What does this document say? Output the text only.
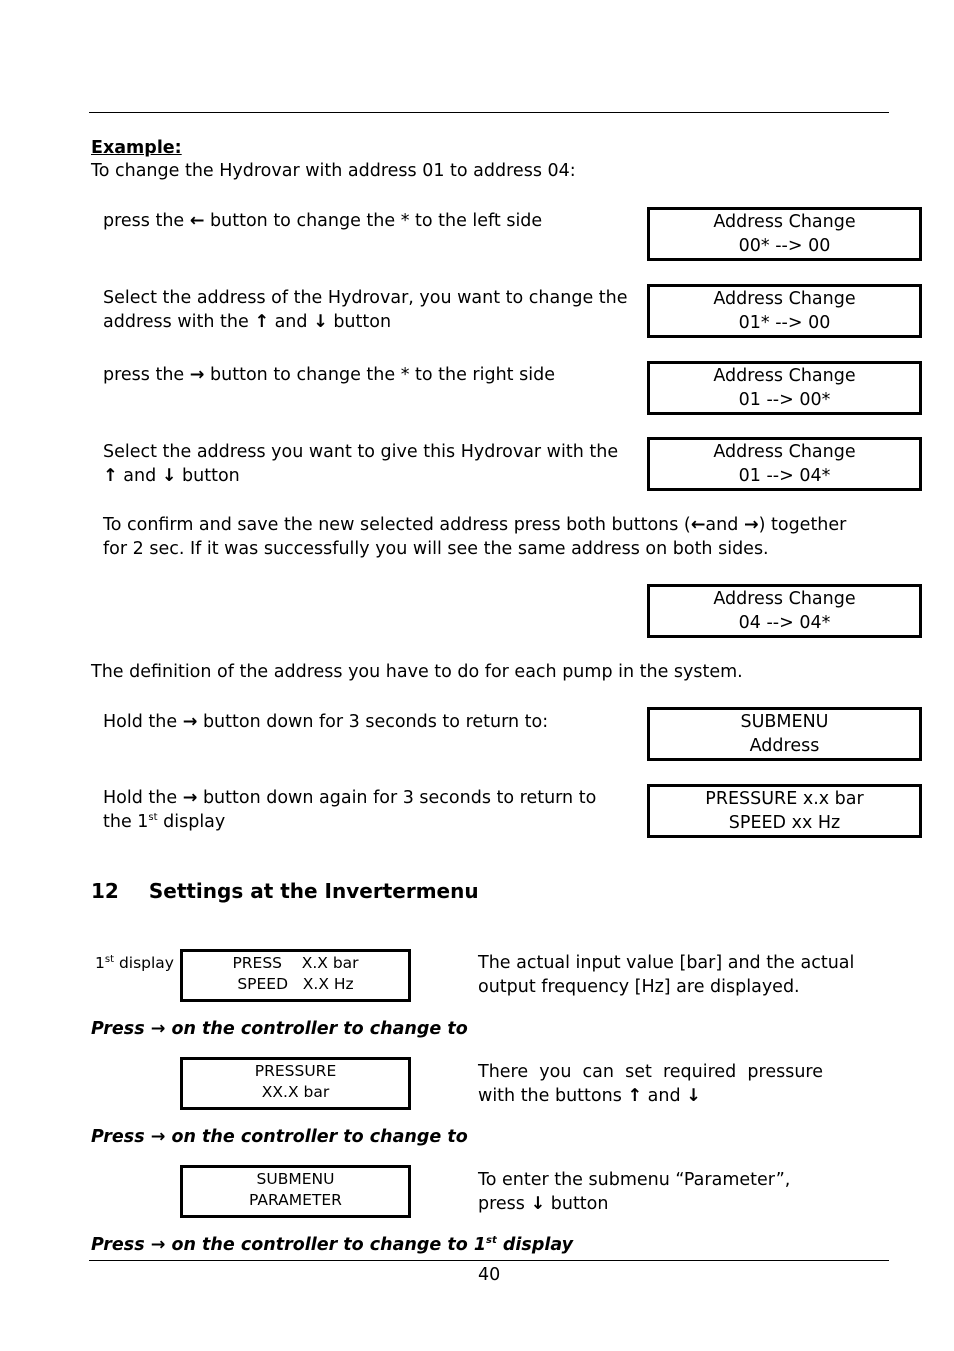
Example:
To change the Hydrovar with address 01 to address 04:
press the ← button to change the * to the left side	Address Change
00* --> 00
Select the address of the Hydrovar, you want to change the
address with the ↑ and ↓ button
Address Change
01* --> 00
press the → button to change the * to the right side	Address Change
01 --> 00*
Select the address you want to give this Hydrovar with the
↑ and ↓ button
Address Change
01 --> 04*
To confirm and save the new selected address press both buttons (←and →) together
for 2 sec. If it was successfully you will see the same address on both sides.
Address Change
04 --> 04*
The definition of the address you have to do for each pump in the system.
Hold the → button down for 3 seconds to return to:	SUBMENU
Address
Hold the → button down again for 3 seconds to return to
the 1st display
PRESSURE x.x bar
SPEED xx Hz
12 Settings at the Invertermenu
1st display	PRESS    X.X bar
SPEED   X.X Hz
The actual input value [bar] and the actual
output frequency [Hz] are displayed.
Press → on the controller to change to
PRESSURE
XX.X bar
There  you  can  set  required  pressure
with the buttons ↑ and ↓
Press → on the controller to change to
SUBMENU
PARAMETER
To enter the submenu “Parameter”,
press ↓ button
Press → on the controller to change to 1st display
40
